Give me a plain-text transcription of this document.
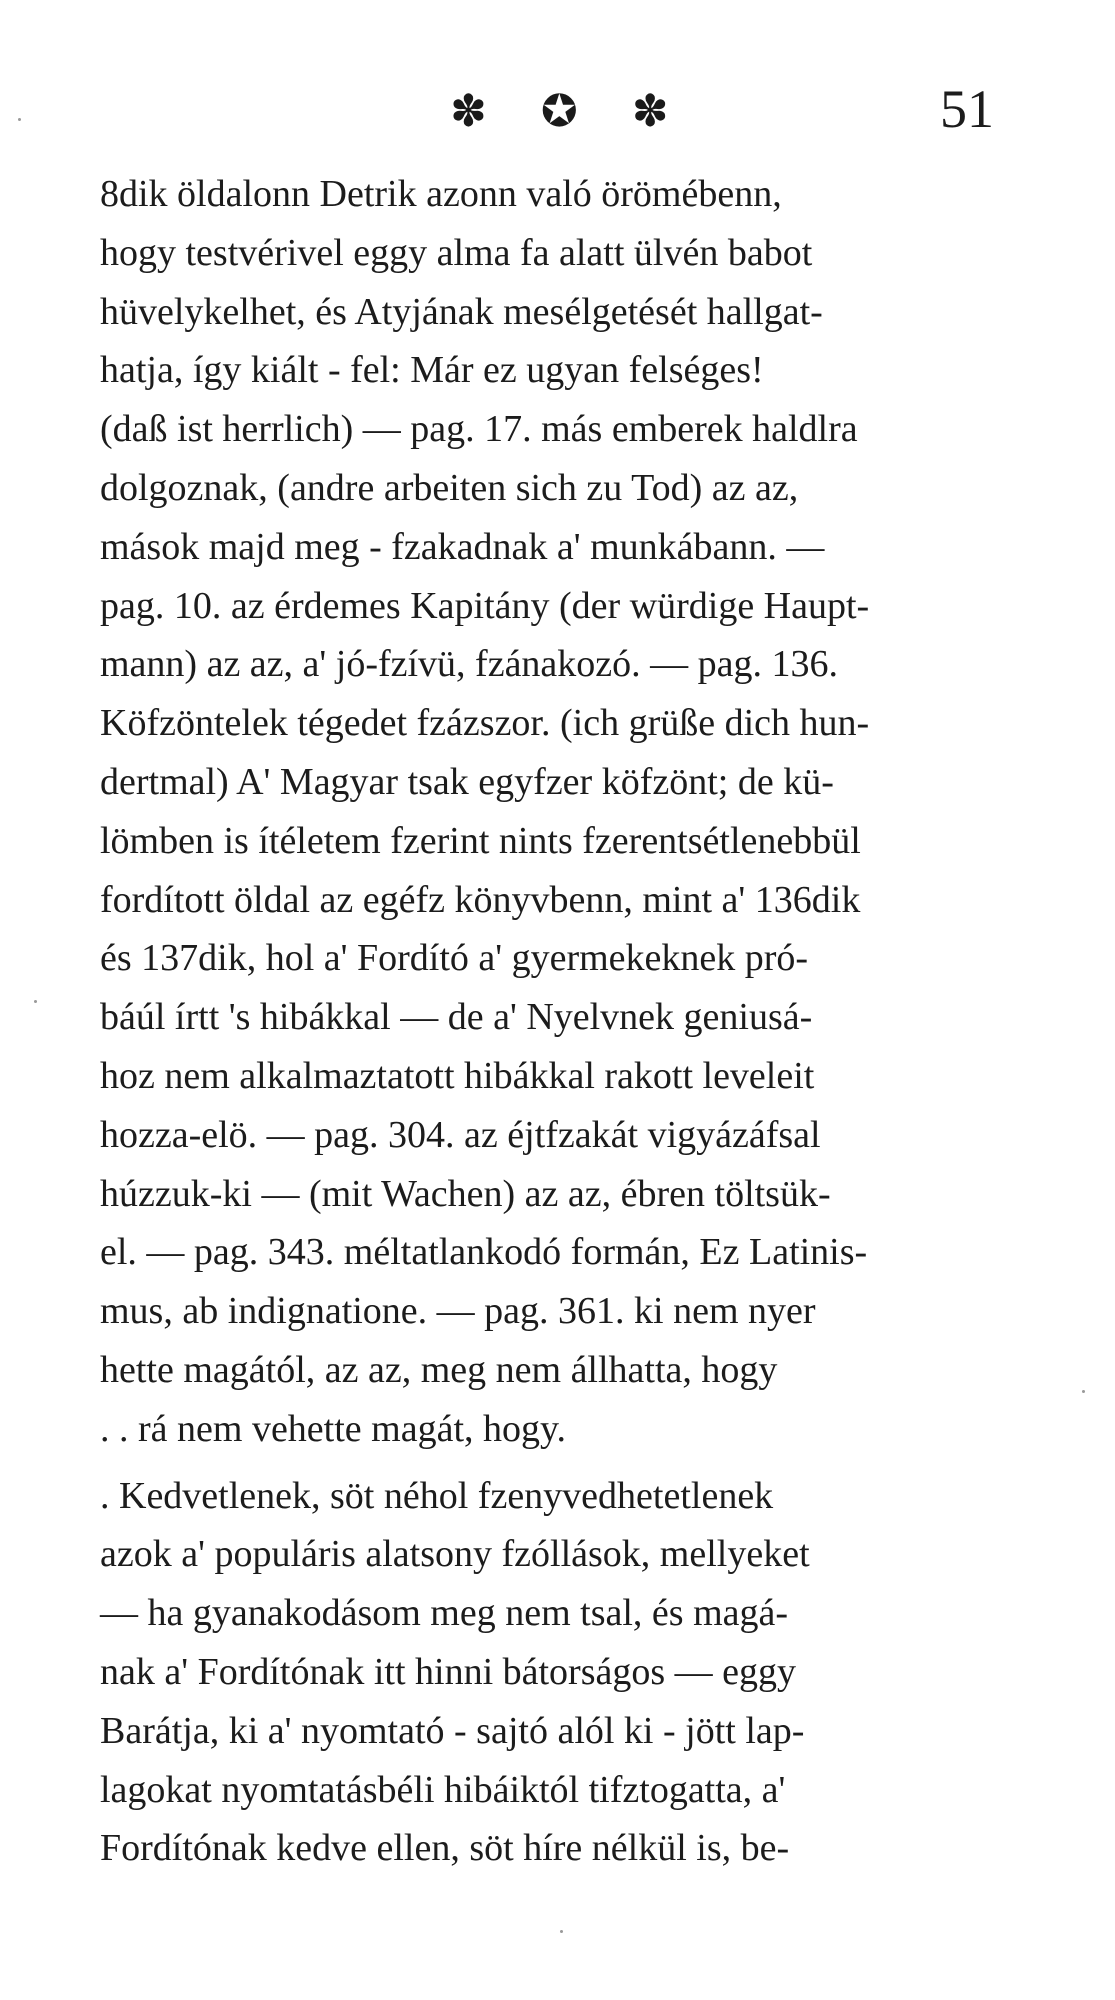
✽ ✪ ✽	51
8dik öldalonn Detrik azonn való örömébenn,
hogy testvérivel eggy alma fa alatt ülvén babot
hüvelykelhet, és Atyjának mesélgetését hallgat-
hatja, így kiált - fel: Már ez ugyan felséges!
(daß ist herrlich) — pag. 17. más emberek haldlra
dolgoznak, (andre arbeiten sich zu Tod) az az,
mások majd meg - fzakadnak a' munkábann. —
pag. 10. az érdemes Kapitány (der würdige Haupt-
mann) az az, a' jó-fzívü, fzánakozó. — pag. 136.
Köfzöntelek tégedet fzázszor. (ich grüße dich hun-
dertmal) A' Magyar tsak egyfzer köfzönt; de kü-
lömben is ítéletem fzerint nints fzerentsétlenebbül
fordított öldal az egéfz könyvbenn, mint a' 136dik
és 137dik, hol a' Fordító a' gyermekeknek pró-
báúl írtt 's hibákkal — de a' Nyelvnek geniusá-
hoz nem alkalmaztatott hibákkal rakott leveleit
hozza-elö. — pag. 304. az éjtfzakát vigyázáfsal
húzzuk-ki — (mit Wachen) az az, ébren töltsük-
el. — pag. 343. méltatlankodó formán, Ez Latinis-
mus, ab indignatione. — pag. 361. ki nem nyer
hette magától, az az, meg nem állhatta, hogy
. . rá nem vehette magát, hogy.
. Kedvetlenek, söt néhol fzenyvedhetetlenek
azok a' populáris alatsony fzóllások, mellyeket
— ha gyanakodásom meg nem tsal, és magá-
nak a' Fordítónak itt hinni bátorságos — eggy
Barátja, ki a' nyomtató - sajtó alól ki - jött lap-
lagokat nyomtatásbéli hibáiktól tifztogatta, a'
Fordítónak kedve ellen, söt híre nélkül is, be-
